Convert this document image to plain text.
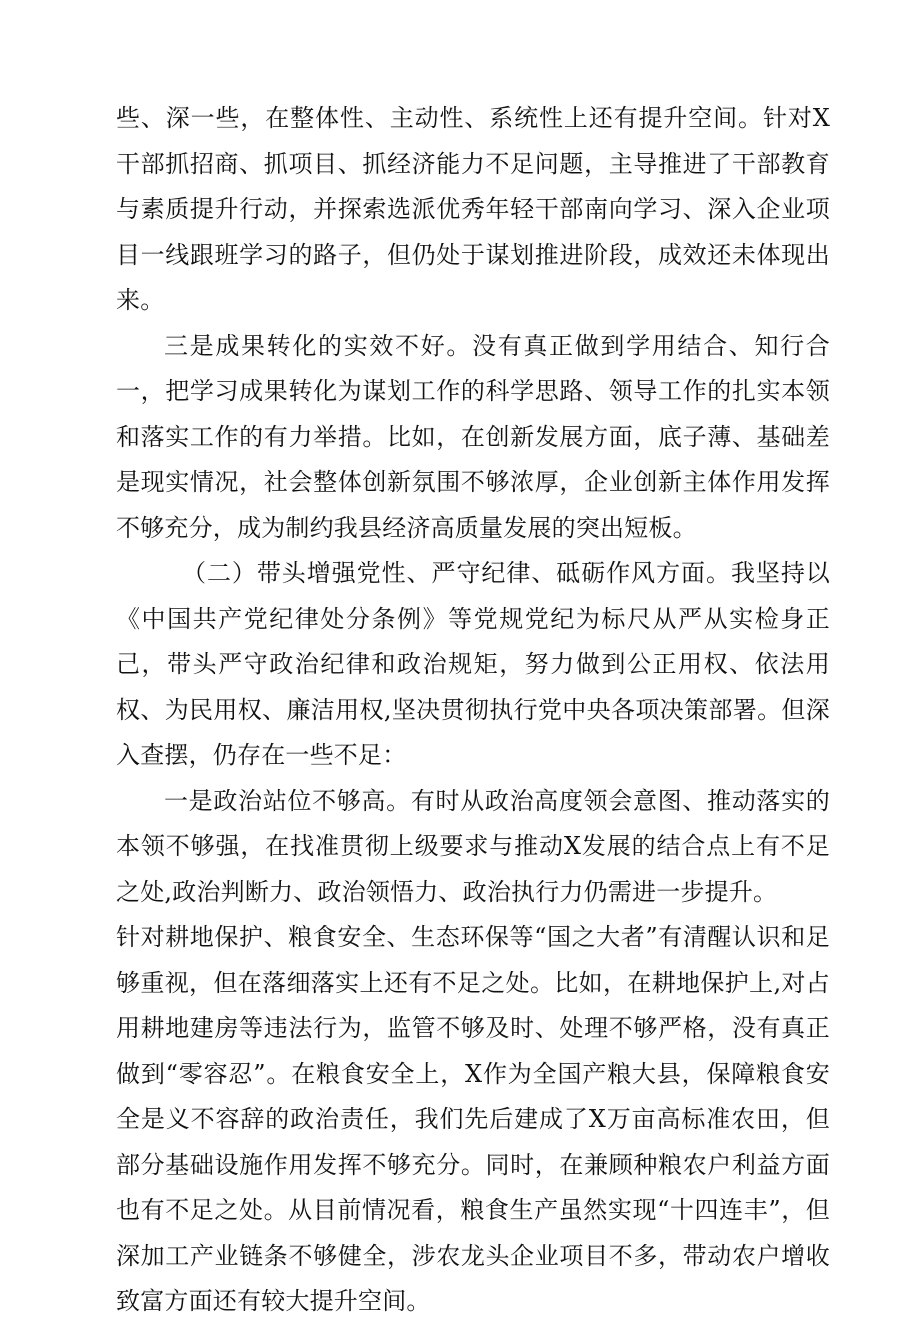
些、深一些，在整体性、主动性、系统性上还有提升空间。针对X干部抓招商、抓项目、抓经济能力不足问题，主导推进了干部教育与素质提升行动，并探索选派优秀年轻干部南向学习、深入企业项目一线跟班学习的路子，但仍处于谋划推进阶段，成效还未体现出来。

三是成果转化的实效不好。没有真正做到学用结合、知行合一，把学习成果转化为谋划工作的科学思路、领导工作的扎实本领和落实工作的有力举措。比如，在创新发展方面，底子薄、基础差是现实情况，社会整体创新氛围不够浓厚，企业创新主体作用发挥不够充分，成为制约我县经济高质量发展的突出短板。

（二）带头增强党性、严守纪律、砥砺作风方面。我坚持以《中国共产党纪律处分条例》等党规党纪为标尺从严从实检身正己，带头严守政治纪律和政治规矩，努力做到公正用权、依法用权、为民用权、廉洁用权,坚决贯彻执行党中央各项决策部署。但深入查摆，仍存在一些不足：

一是政治站位不够高。有时从政治高度领会意图、推动落实的本领不够强，在找准贯彻上级要求与推动X发展的结合点上有不足之处,政治判断力、政治领悟力、政治执行力仍需进一步提升。

针对耕地保护、粮食安全、生态环保等“国之大者”有清醒认识和足够重视，但在落细落实上还有不足之处。比如，在耕地保护上,对占用耕地建房等违法行为，监管不够及时、处理不够严格，没有真正做到“零容忍”。在粮食安全上，X作为全国产粮大县，保障粮食安全是义不容辞的政治责任，我们先后建成了X万亩高标准农田，但部分基础设施作用发挥不够充分。同时，在兼顾种粮农户利益方面也有不足之处。从目前情况看，粮食生产虽然实现“十四连丰”，但深加工产业链条不够健全，涉农龙头企业项目不多，带动农户增收致富方面还有较大提升空间。
